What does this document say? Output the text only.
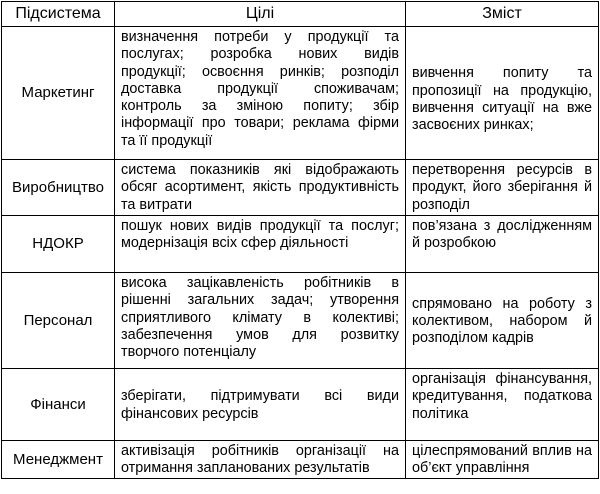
Підсистема	Цілі	Зміст
Маркетинг	визначення потреби у продукції та послугах; розробка нових видів продукції; освоєння ринків; розподіл доставка продукції споживачам; контроль за зміною попиту; збір інформації про товари; реклама фірми та її продукції	вивчення попиту та пропозиції на продукцію, вивчення ситуації на вже засвоєних ринках;
Виробництво	система показників які відображають обсяг асортимент, якість продуктивність та витрати	перетворення ресурсів в продукт, його зберігання й розподіл
НДОКР	пошук нових видів продукції та послуг; модернізація всіх сфер діяльності	пов’язана з дослідженням й розробкою
Персонал	висока зацікавленість робітників в рішенні загальних задач; утворення сприятливого клімату в колективі; забезпечення умов для розвитку творчого потенціалу	спрямовано на роботу з колективом, набором й розподілом кадрів
Фінанси	зберігати, підтримувати всі види фінансових ресурсів	організація фінансування, кредитування, податкова політика
Менеджмент	активізація робітників організації на отримання запланованих результатів	цілеспрямований вплив на об’єкт управління
